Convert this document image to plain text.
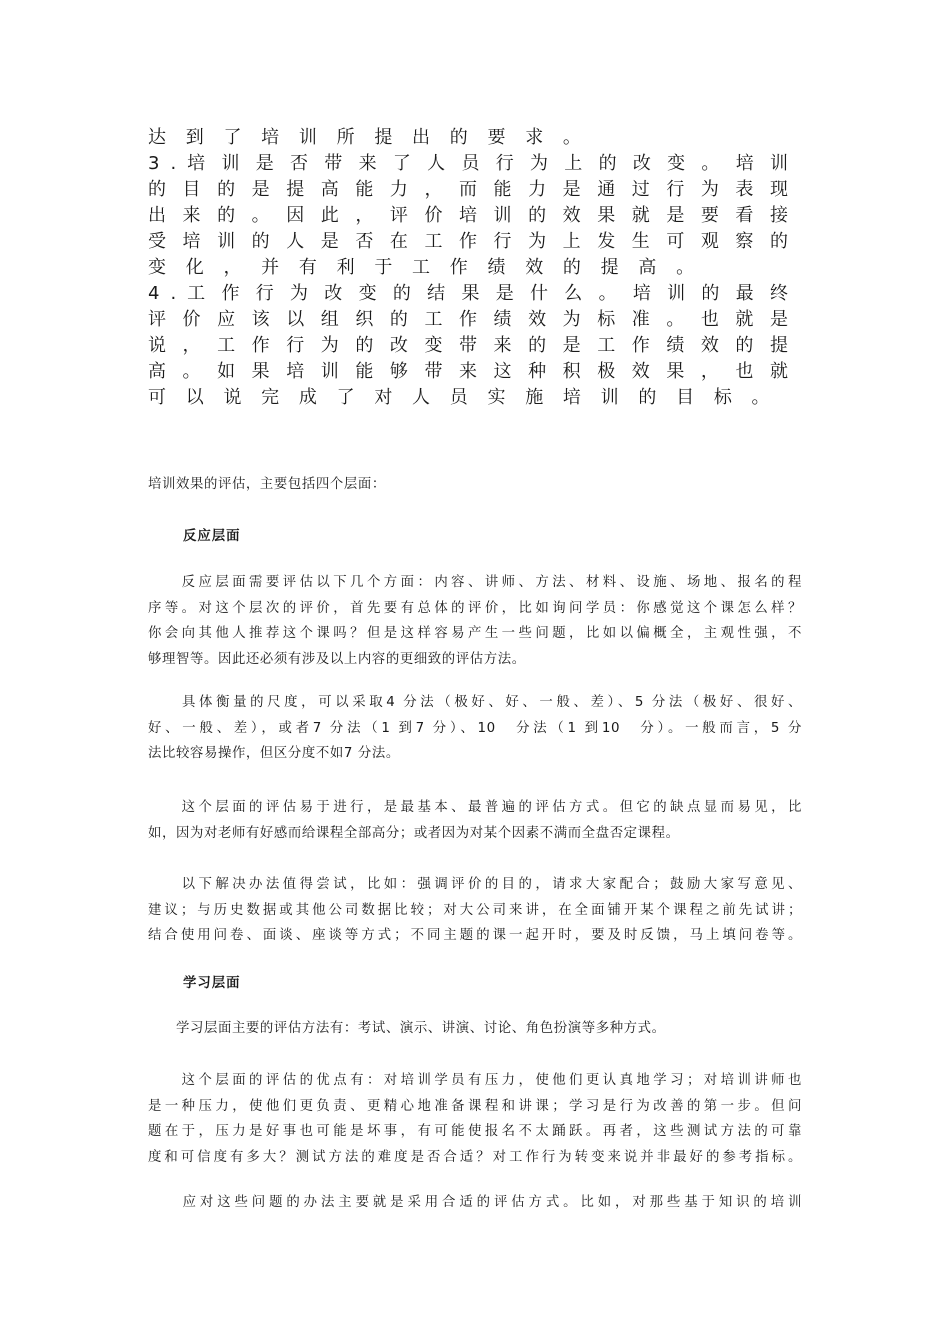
达 到 了 培 训 所 提 出 的 要 求 。
3 . 培 训 是 否 带 来 了 人 员 行 为 上 的 改 变 。 培 训
的 目 的 是 提 高 能 力 ， 而 能 力 是 通 过 行 为 表 现
出 来 的 。 因 此 ， 评 价 培 训 的 效 果 就 是 要 看 接
受 培 训 的 人 是 否 在 工 作 行 为 上 发 生 可 观 察 的
变 化 ， 并 有 利 于 工 作 绩 效 的 提 高 。
4 . 工 作 行 为 改 变 的 结 果 是 什 么 。 培 训 的 最 终
评 价 应 该 以 组 织 的 工 作 绩 效 为 标 准 。 也 就 是
说 ， 工 作 行 为 的 改 变 带 来 的 是 工 作 绩 效 的 提
高 。 如 果 培 训 能 够 带 来 这 种 积 极 效 果 ， 也 就
可 以 说 完 成 了 对 人 员 实 施 培 训 的 目 标 。

培训效果的评估，主要包括四个层面：

反应层面

　　反应层面需要评估以下几个方面：内容、讲师、方法、材料、设施、场地、报名的程
序等。对这个层次的评价，首先要有总体的评价，比如询问学员：你感觉这个课怎么样？
你会向其他人推荐这个课吗？但是这样容易产生一些问题，比如以偏概全，主观性强，不
够理智等。因此还必须有涉及以上内容的更细致的评估方法。

　　具体衡量的尺度，可以采取4 分法（极好、好、一般、差）、5 分法（极好、很好、
好、一般、差），或者7 分法（1 到7 分）、10　分法（1 到10　分）。一般而言，5 分
法比较容易操作，但区分度不如7 分法。

　　这个层面的评估易于进行，是最基本、最普遍的评估方式。但它的缺点显而易见，比
如，因为对老师有好感而给课程全部高分；或者因为对某个因素不满而全盘否定课程。

　　以下解决办法值得尝试，比如：强调评价的目的，请求大家配合；鼓励大家写意见、
建议；与历史数据或其他公司数据比较；对大公司来讲，在全面铺开某个课程之前先试讲；
结合使用问卷、面谈、座谈等方式；不同主题的课一起开时，要及时反馈，马上填问卷等。

学习层面

　　学习层面主要的评估方法有：考试、演示、讲演、讨论、角色扮演等多种方式。

　　这个层面的评估的优点有：对培训学员有压力，使他们更认真地学习；对培训讲师也
是一种压力，使他们更负责、更精心地准备课程和讲课；学习是行为改善的第一步。但问
题在于，压力是好事也可能是坏事，有可能使报名不太踊跃。再者，这些测试方法的可靠
度和可信度有多大？测试方法的难度是否合适？对工作行为转变来说并非最好的参考指标。

　　应对这些问题的办法主要就是采用合适的评估方式。比如，对那些基于知识的培训
